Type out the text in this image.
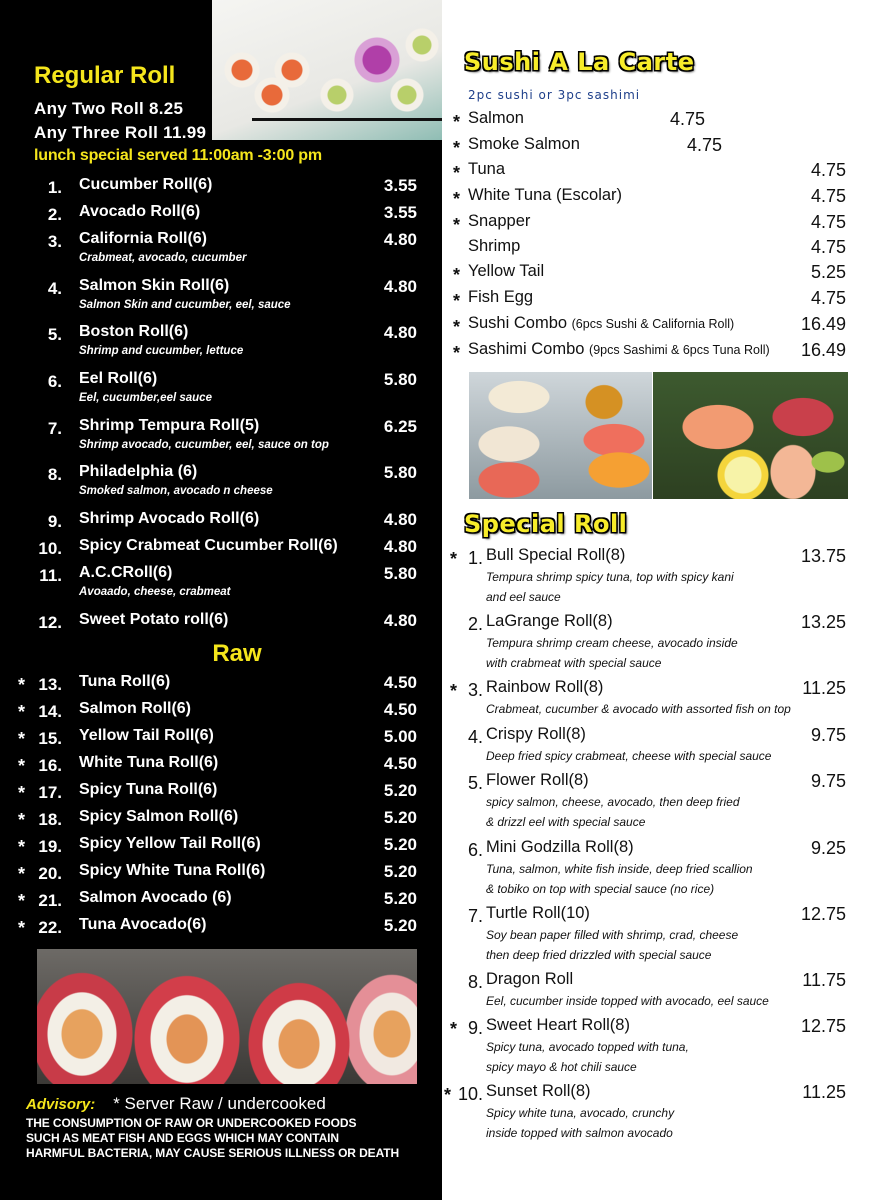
Regular Roll
Any Two Roll 8.25
Any Three Roll 11.99
lunch special served 11:00am -3:00 pm
1. Cucumber Roll(6)	3.55
2. Avocado Roll(6)	3.55
3. California Roll(6)	4.80
Crabmeat, avocado, cucumber
4. Salmon Skin Roll(6)	4.80
Salmon Skin and cucumber, eel, sauce
5. Boston Roll(6)	4.80
Shrimp and cucumber, lettuce
6. Eel Roll(6)	5.80
Eel, cucumber,eel sauce
7. Shrimp Tempura Roll(5)	6.25
Shrimp avocado, cucumber, eel, sauce on top
8. Philadelphia (6)	5.80
Smoked salmon, avocado n cheese
9. Shrimp Avocado Roll(6)	4.80
10. Spicy Crabmeat Cucumber Roll(6)	4.80
11. A.C.CRoll(6)	5.80
Avoaado, cheese, crabmeat
12. Sweet Potato roll(6)	4.80
Raw
* 13. Tuna Roll(6)	4.50
* 14. Salmon Roll(6)	4.50
* 15. Yellow Tail Roll(6)	5.00
* 16. White Tuna Roll(6)	4.50
* 17. Spicy Tuna Roll(6)	5.20
* 18. Spicy Salmon Roll(6)	5.20
* 19. Spicy Yellow Tail Roll(6)	5.20
* 20. Spicy White Tuna Roll(6)	5.20
* 21. Salmon Avocado (6)	5.20
* 22. Tuna Avocado(6)	5.20
Advisory: * Server Raw / undercooked
THE CONSUMPTION OF RAW OR UNDERCOOKED FOODS
SUCH AS MEAT FISH AND EGGS WHICH MAY CONTAIN
HARMFUL BACTERIA, MAY CAUSE SERIOUS ILLNESS OR DEATH
Sushi A La Carte
2pc sushi or 3pc sashimi
* Salmon	4.75
* Smoke Salmon	4.75
* Tuna	4.75
* White Tuna (Escolar)	4.75
* Snapper	4.75
Shrimp	4.75
* Yellow Tail	5.25
* Fish Egg	4.75
* Sushi Combo (6pcs Sushi & California Roll)	16.49
* Sashimi Combo (9pcs Sashimi & 6pcs Tuna Roll) 16.49
Special Roll
* 1. Bull Special Roll(8)	13.75
Tempura shrimp spicy tuna, top with spicy kani
and eel sauce
2. LaGrange Roll(8)	13.25
Tempura shrimp cream cheese, avocado inside
with crabmeat with special sauce
* 3. Rainbow Roll(8)	11.25
Crabmeat, cucumber & avocado with assorted fish on top
4. Crispy Roll(8)	9.75
Deep fried spicy crabmeat, cheese with special sauce
5. Flower Roll(8)	9.75
spicy salmon, cheese, avocado, then deep fried
& drizzl eel with special sauce
6. Mini Godzilla Roll(8)	9.25
Tuna, salmon, white fish inside, deep fried scallion
& tobiko on top with special sauce (no rice)
7. Turtle Roll(10)	12.75
Soy bean paper filled with shrimp, crad, cheese
then deep fried drizzled with special sauce
8. Dragon Roll	11.75
Eel, cucumber inside topped with avocado, eel sauce
* 9. Sweet Heart Roll(8)	12.75
Spicy tuna, avocado topped with tuna,
spicy mayo & hot chili sauce
* 10. Sunset Roll(8)	11.25
Spicy white tuna, avocado, crunchy
inside topped with salmon avocado
